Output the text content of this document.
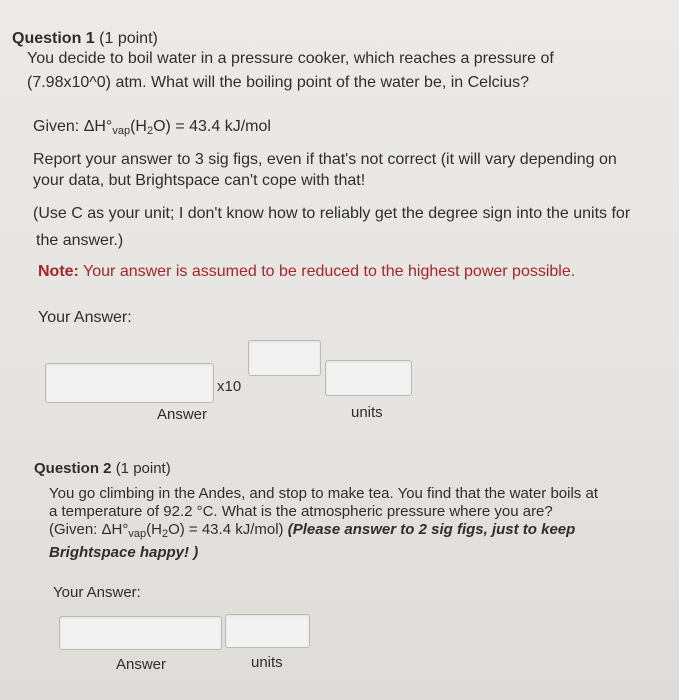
Question 1 (1 point)
You decide to boil water in a pressure cooker, which reaches a pressure of
(7.98x10^0) atm. What will the boiling point of the water be, in Celcius?
Given: $\Delta H^\circ_{vap}(H_2O) = 43.4$ kJ/mol
Report your answer to 3 sig figs, even if that's not correct (it will vary depending on
your data, but Brightspace can't cope with that!
(Use C as your unit; I don't know how to reliably get the degree sign into the units for
the answer.)
Note: Your answer is assumed to be reduced to the highest power possible.
Your Answer:
x10
Answer	units
Question 2 (1 point)
You go climbing in the Andes, and stop to make tea. You find that the water boils at
a temperature of 92.2 °C. What is the atmospheric pressure where you are?
(Given: $\Delta H^\circ_{vap}(H_2O) = 43.4$ kJ/mol) (Please answer to 2 sig figs, just to keep
Brightspace happy! )
Your Answer:
Answer	units
